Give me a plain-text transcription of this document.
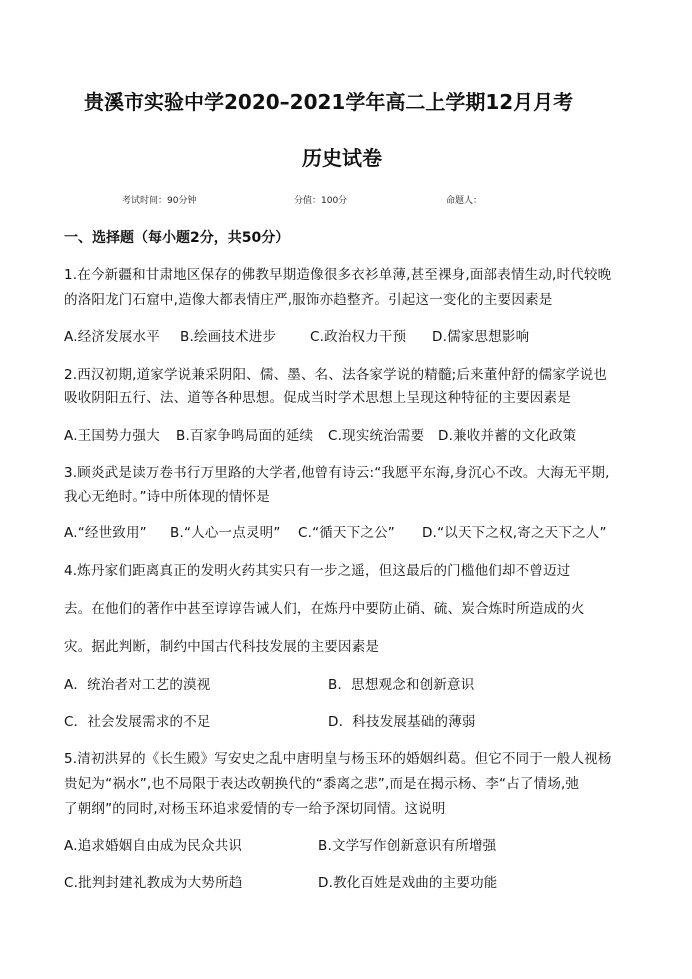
贵溪市实验中学2020–2021学年高二上学期12月月考
历史试卷
考试时间：90分钟	分值：100分	命题人：
一、选择题（每小题2分，共50分）
1.在今新疆和甘肃地区保存的佛教早期造像很多衣衫单薄,甚至裸身,面部表情生动,时代较晚
的洛阳龙门石窟中,造像大都表情庄严,服饰亦趋整齐。引起这一变化的主要因素是
A.经济发展水平 B.绘画技术进步	C.政治权力干预 D.儒家思想影响
2.西汉初期,道家学说兼采阴阳、儒、墨、名、法各家学说的精髓;后来董仲舒的儒家学说也
吸收阴阳五行、法、道等各种思想。促成当时学术思想上呈现这种特征的主要因素是
A.王国势力强大 B.百家争鸣局面的延续 C.现实统治需要 D.兼收并蓄的文化政策
3.顾炎武是读万卷书行万里路的大学者,他曾有诗云:“我愿平东海,身沉心不改。大海无平期,
我心无绝时。”诗中所体现的情怀是
A.“经世致用” B.“人心一点灵明” C.“循天下之公” D.“以天下之权,寄之天下之人”
4.炼丹家们距离真正的发明火药其实只有一步之遥，但这最后的门槛他们却不曾迈过
去。在他们的著作中甚至谆谆告诫人们，在炼丹中要防止硝、硫、炭合炼时所造成的火
灾。据此判断，制约中国古代科技发展的主要因素是
A．统治者对工艺的漠视	B．思想观念和创新意识
C．社会发展需求的不足	D．科技发展基础的薄弱
5.清初洪昇的《长生殿》写安史之乱中唐明皇与杨玉环的婚姻纠葛。但它不同于一般人视杨
贵妃为“祸水”,也不局限于表达改朝换代的“黍离之悲”,而是在揭示杨、李“占了情场,弛
了朝纲”的同时,对杨玉环追求爱情的专一给予深切同情。这说明
A.追求婚姻自由成为民众共识	B.文学写作创新意识有所增强
C.批判封建礼教成为大势所趋	D.教化百姓是戏曲的主要功能
